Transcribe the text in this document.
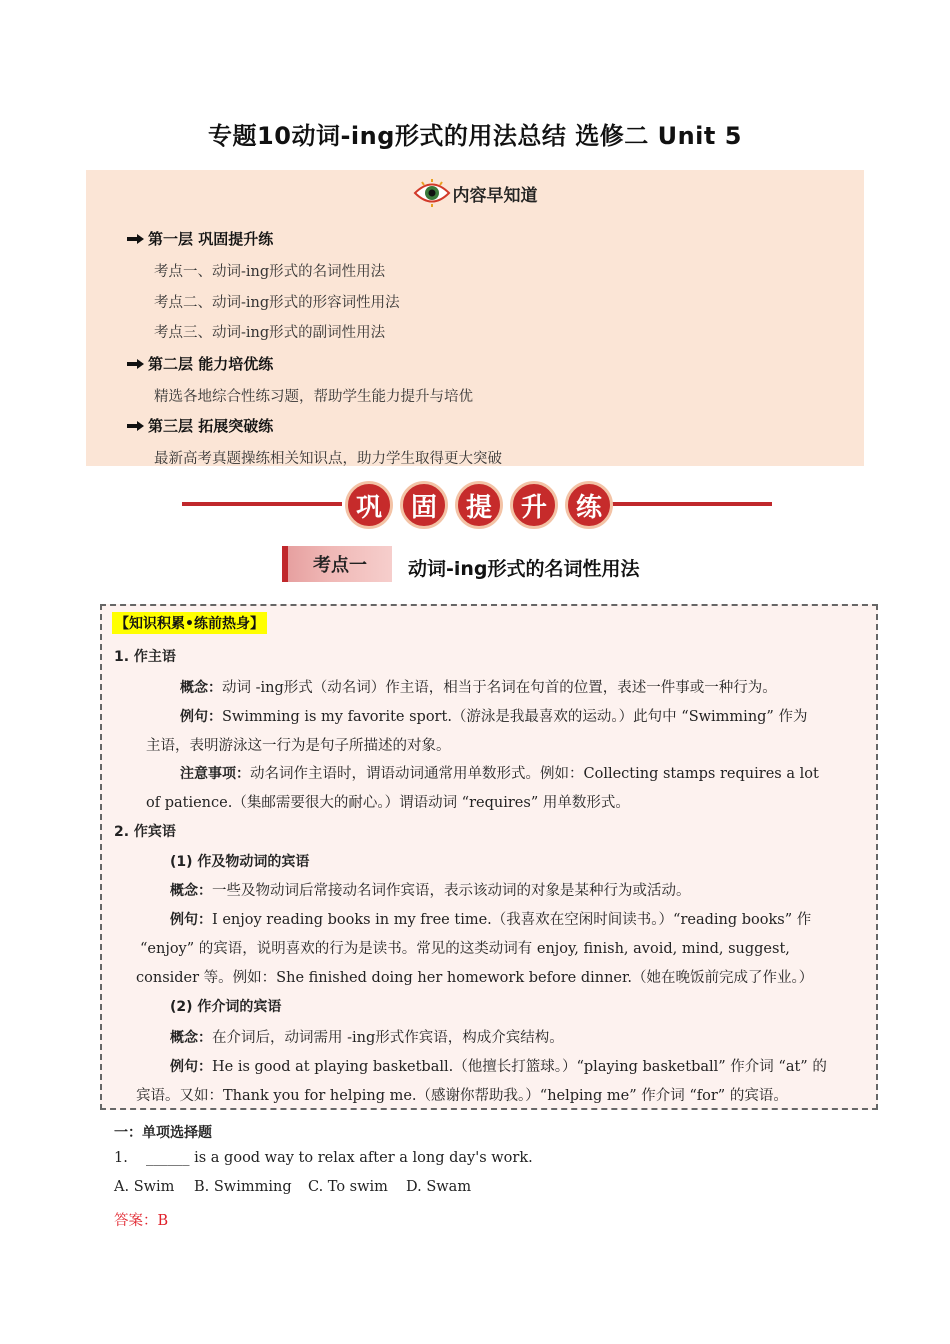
专题10动词-ing形式的用法总结 选修二 Unit 5
内容早知道
第一层 巩固提升练
考点一、动词-ing形式的名词性用法
考点二、动词-ing形式的形容词性用法
考点三、动词-ing形式的副词性用法
第二层 能力培优练
精选各地综合性练习题，帮助学生能力提升与培优
第三层 拓展突破练
最新高考真题操练相关知识点，助力学生取得更大突破
巩	固	提	升	练
考点一	动词-ing形式的名词性用法
【知识积累•练前热身】
1. 作主语
概念：动词 -ing形式（动名词）作主语，相当于名词在句首的位置，表述一件事或一种行为。
例句：Swimming is my favorite sport.（游泳是我最喜欢的运动。）此句中 “Swimming” 作为
主语，表明游泳这一行为是句子所描述的对象。
注意事项：动名词作主语时，谓语动词通常用单数形式。例如：Collecting stamps requires a lot
of patience.（集邮需要很大的耐心。）谓语动词 “requires” 用单数形式。
2. 作宾语
(1) 作及物动词的宾语
概念：一些及物动词后常接动名词作宾语，表示该动词的对象是某种行为或活动。
例句：I enjoy reading books in my free time.（我喜欢在空闲时间读书。）“reading books” 作
“enjoy” 的宾语，说明喜欢的行为是读书。常见的这类动词有 enjoy, finish, avoid, mind, suggest,
consider 等。例如：She finished doing her homework before dinner.（她在晚饭前完成了作业。）
(2) 作介词的宾语
概念：在介词后，动词需用 -ing形式作宾语，构成介宾结构。
例句：He is good at playing basketball.（他擅长打篮球。）“playing basketball” 作介词 “at” 的
宾语。又如：Thank you for helping me.（感谢你帮助我。）“helping me” 作介词 “for” 的宾语。
一：单项选择题
1. ______ is a good way to relax after a long day's work.
A. Swim B. Swimming C. To swim D. Swam
答案：B
